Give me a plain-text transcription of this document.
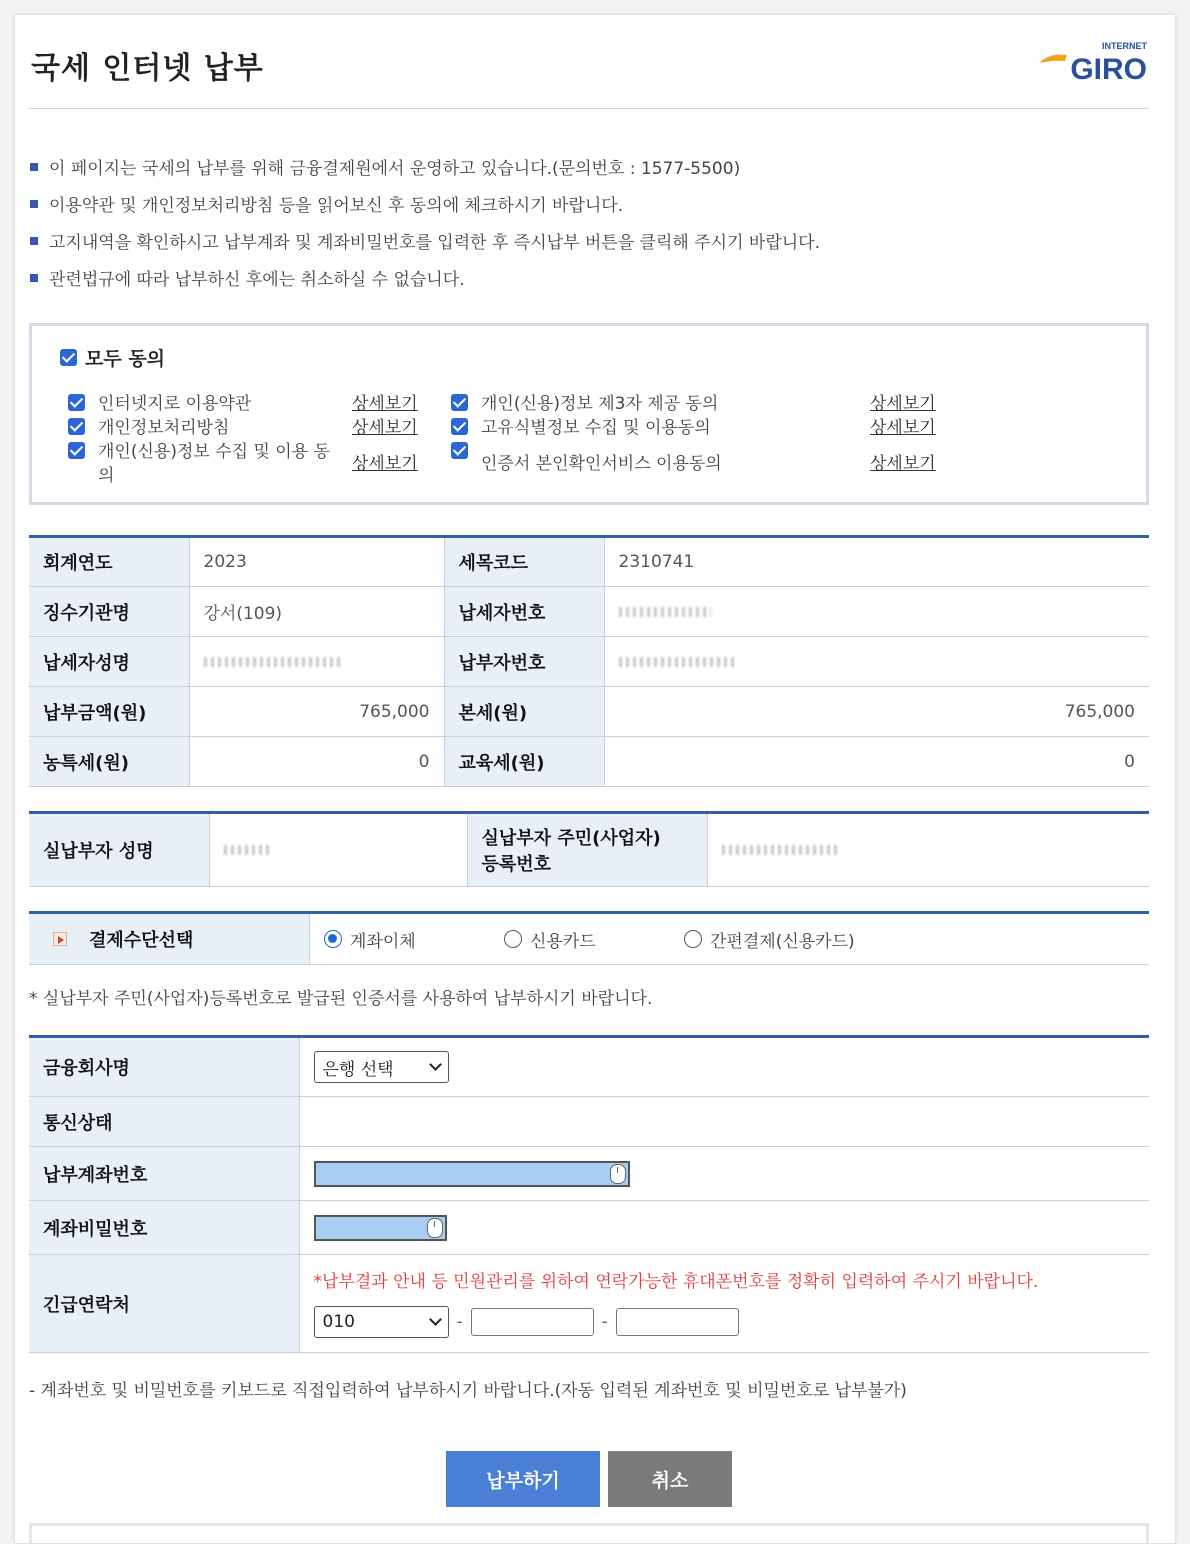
국세 인터넷 납부
INTERNET
GIRO
이 페이지는 국세의 납부를 위해 금융결제원에서 운영하고 있습니다.(문의번호 : 1577-5500)
이용약관 및 개인정보처리방침 등을 읽어보신 후 동의에 체크하시기 바랍니다.
고지내역을 확인하시고 납부계좌 및 계좌비밀번호를 입력한 후 즉시납부 버튼을 클릭해 주시기 바랍니다.
관련법규에 따라 납부하신 후에는 취소하실 수 없습니다.
모두 동의
인터넷지로 이용약관
개인정보처리방침
개인(신용)정보 수집 및 이용 동의
상세보기
상세보기
상세보기
개인(신용)정보 제3자 제공 동의
고유식별정보 수집 및 이용동의
인증서 본인확인서비스 이용동의
상세보기
상세보기
상세보기
회계연도	2023	세목코드	2310741
징수기관명	강서(109)	납세자번호	
납세자성명		납부자번호	
납부금액(원)	765,000	본세(원)	765,000
농특세(원)	0	교육세(원)	0
실납부자 성명		실납부자 주민(사업자)
등록번호	
결제수단선택	계좌이체	신용카드	간편결제(신용카드)
* 실납부자 주민(사업자)등록번호로 발급된 인증서를 사용하여 납부하시기 바랍니다.
금융회사명	은행 선택

통신상태	
납부계좌번호	

계좌비밀번호	

긴급연락처	*납부결과 안내 등 민원관리를 위하여 연락가능한 휴대폰번호를 정확히 입력하여 주시기 바랍니다.
010 - -
- 계좌번호 및 비밀번호를 키보드로 직접입력하여 납부하시기 바랍니다.(자동 입력된 계좌번호 및 비밀번호로 납부불가)
납부하기	취소
